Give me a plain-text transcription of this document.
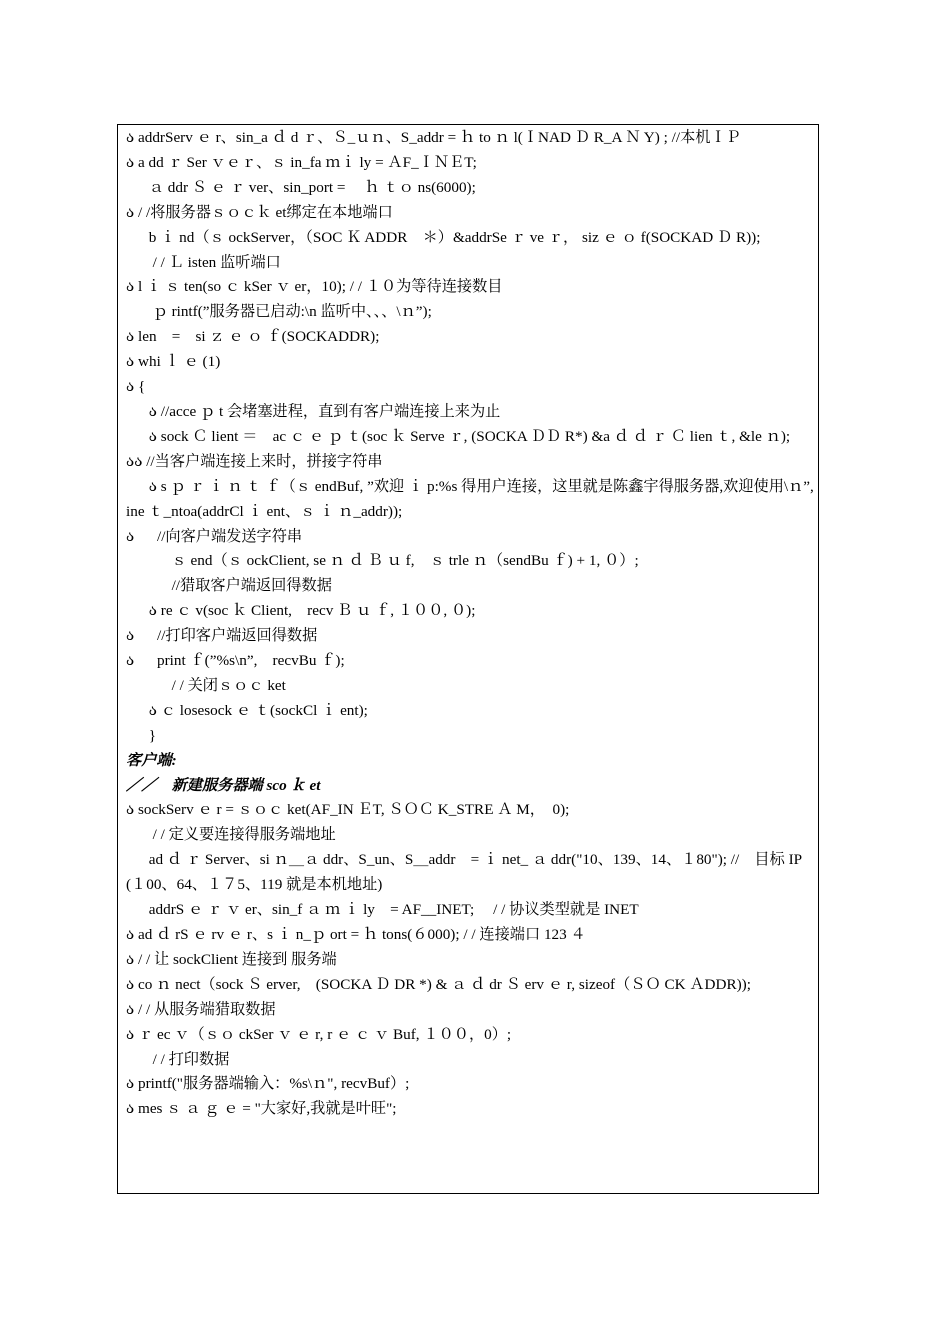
ა addrServ ｅ r、sin_a ｄ d ｒ、Ｓ_ｕｎ、S_addr = ｈ to ｎ l(ＩNAD Ｄ R_A Ｎ Y) ; //本机ＩＰ

ა a dd ｒ Ser ｖｅｒ、ｓ in_fa ｍｉ ly = ＡF_ＩＮＥT;

ａ ddr Ｓ ｅ ｒ ver、sin_port = 　ｈ ｔｏ ns(6000);

ა / /将服务器ｓｏｃｋ et绑定在本地端口

b ｉ nd（ｓ ockServer，（SOC Ｋ ADDR　＊）&addrSe ｒ ve ｒ， siz ｅ ｏ f(SOCKAD Ｄ R));

/ / Ｌ isten 监听端口

ა l ｉ ｓ ten(so ｃ kSer ｖ er，10); / / １０为等待连接数目

ｐ rintf(”服务器已启动:\n 监听中、、、\ｎ”);

ა len　=　si ｚ ｅ ｏ ｆ(SOCKADDR);

ა whi ｌ ｅ (1)

ა {

ა //acce ｐ t 会堵塞进程，直到有客户端连接上来为止

ა sock Ｃ lient ＝　ac ｃ ｅ ｐ ｔ(soc ｋ Serve ｒ, (SOCKA ＤＤ R*) &a ｄ ｄ ｒ Ｃ lien ｔ, &le ｎ);

აა //当客户端连接上来时，拼接字符串

ა s ｐ ｒ ｉ ｎ ｔ ｆ（ｓ endBuf, ”欢迎 ｉ p:%s 得用户连接，这里就是陈鑫宇得服务器,欢迎使用\ｎ”, ine ｔ_ntoa(addrCl ｉ ent、ｓ ｉ ｎ_addr));

ა      //向客户端发送字符串

ｓ end（ｓ ockClient, se ｎ ｄ Ｂ ｕ f,　ｓ trle ｎ（sendBu ｆ) + 1, ０）;

//猎取客户端返回得数据

ა re ｃ v(soc ｋ Client,　recv Ｂ ｕ ｆ, １００, ０);

ა      //打印客户端返回得数据

ა      print ｆ(”%s\n”,　recvBu ｆ);

/ / 关闭ｓｏｃ ket

ა ｃ losesock ｅ ｔ(sockCl ｉ ent);

}

客户端:

／／　新建服务器端 sco ｋ et

ა sockServ ｅ r = ｓｏｃ ket(AF_IN ＥT, ＳＯＣ K_STRE Ａ M，　0);

/ / 定义要连接得服务端地址

ad ｄ ｒ Server、si ｎ＿ａ ddr、S_un、S＿addr　= ｉ net_ ａ ddr("10、139、14、１80"); //　目标 IP (１00、64、１７5、119 就是本机地址)

addrS ｅ ｒ ｖ er、sin_f ａ ｍ ｉ ly　= AF__INET;　 / / 协议类型就是 INET

ა ad ｄ rS ｅ rv ｅ r、s ｉ n_ｐ ort = ｈ tons(６000); / / 连接端口 123 ４

ა / / 让 sockClient 连接到 服务端

ა co ｎ nect（sock Ｓ erver,　(SOCKA Ｄ DR *) & ａ ｄ dr Ｓ erv ｅ r, sizeof（ＳＯ CK ＡDDR));

ა / / 从服务端猎取数据

ა ｒ ec ｖ（ｓｏ ckSer ｖ ｅ r, r ｅ ｃ ｖ Buf, １００，0）;

/ / 打印数据

ა printf("服务器端输入：%s\ｎ", recvBuf）;

ა mes ｓ ａ ｇ ｅ = "大家好,我就是叶旺";
